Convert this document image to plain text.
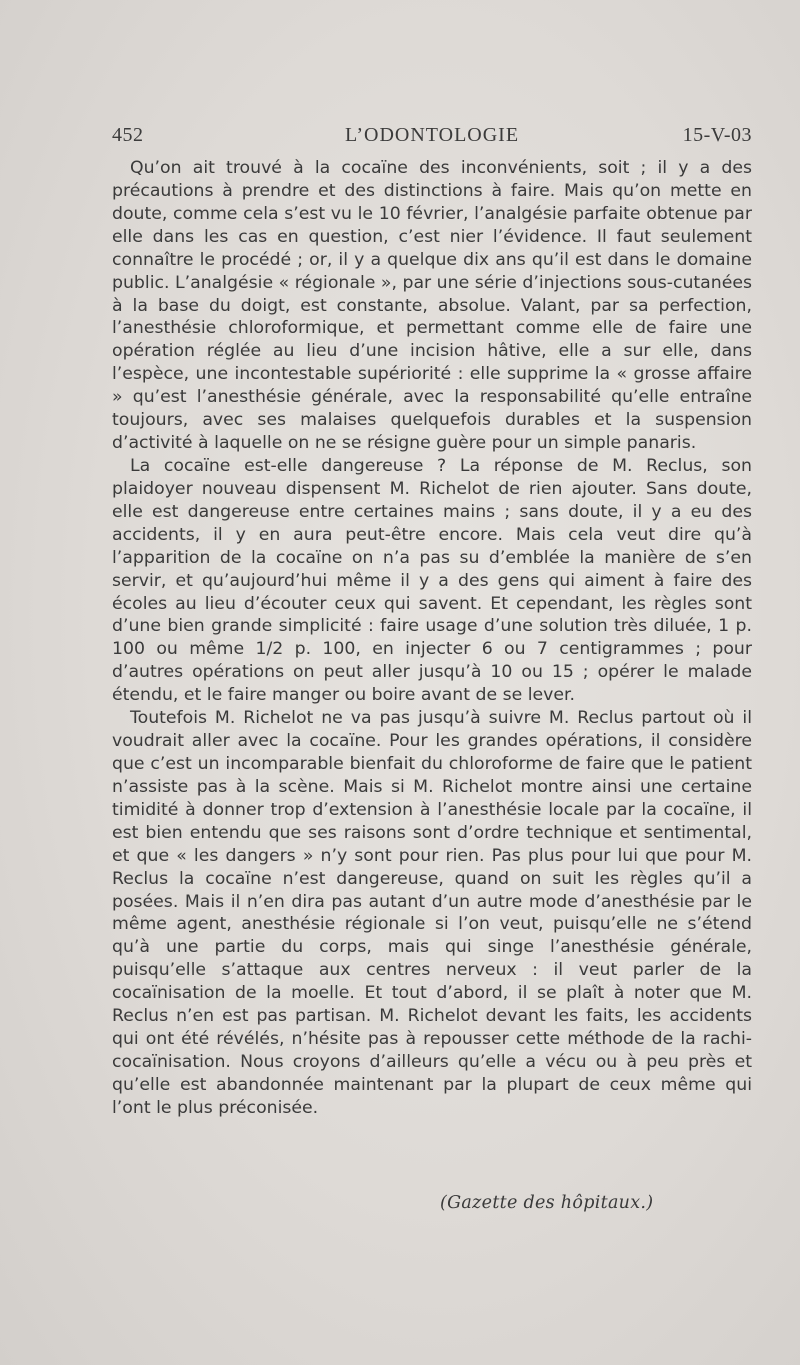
452	L’ODONTOLOGIE	15-V-03

Qu’on ait trouvé à la cocaïne des inconvénients, soit ; il y a des précautions à prendre et des distinctions à faire. Mais qu’on mette en doute, comme cela s’est vu le 10 février, l’analgésie parfaite obtenue par elle dans les cas en question, c’est nier l’évidence. Il faut seulement connaître le procédé ; or, il y a quelque dix ans qu’il est dans le domaine public. L’analgésie « régionale », par une série d’injections sous-cutanées à la base du doigt, est constante, absolue. Valant, par sa perfection, l’anesthésie chloroformique, et permettant comme elle de faire une opération réglée au lieu d’une incision hâtive, elle a sur elle, dans l’espèce, une incontestable supériorité : elle supprime la « grosse affaire » qu’est l’anesthésie générale, avec la responsabilité qu’elle entraîne toujours, avec ses malaises quelquefois durables et la suspension d’activité à laquelle on ne se résigne guère pour un simple panaris.

La cocaïne est-elle dangereuse ? La réponse de M. Reclus, son plaidoyer nouveau dispensent M. Richelot de rien ajouter. Sans doute, elle est dangereuse entre certaines mains ; sans doute, il y a eu des accidents, il y en aura peut-être encore. Mais cela veut dire qu’à l’apparition de la cocaïne on n’a pas su d’emblée la manière de s’en servir, et qu’aujourd’hui même il y a des gens qui aiment à faire des écoles au lieu d’écouter ceux qui savent. Et cependant, les règles sont d’une bien grande simplicité : faire usage d’une solution très diluée, 1 p. 100 ou même 1/2 p. 100, en injecter 6 ou 7 centigrammes ; pour d’autres opérations on peut aller jusqu’à 10 ou 15 ; opérer le malade étendu, et le faire manger ou boire avant de se lever.

Toutefois M. Richelot ne va pas jusqu’à suivre M. Reclus partout où il voudrait aller avec la cocaïne. Pour les grandes opérations, il considère que c’est un incomparable bienfait du chloroforme de faire que le patient n’assiste pas à la scène. Mais si M. Richelot montre ainsi une certaine timidité à donner trop d’extension à l’anesthésie locale par la cocaïne, il est bien entendu que ses raisons sont d’ordre technique et sentimental, et que « les dangers » n’y sont pour rien. Pas plus pour lui que pour M. Reclus la cocaïne n’est dangereuse, quand on suit les règles qu’il a posées. Mais il n’en dira pas autant d’un autre mode d’anesthésie par le même agent, anesthésie régionale si l’on veut, puisqu’elle ne s’étend qu’à une partie du corps, mais qui singe l’anesthésie générale, puisqu’elle s’attaque aux centres nerveux : il veut parler de la cocaïnisation de la moelle. Et tout d’abord, il se plaît à noter que M. Reclus n’en est pas partisan. M. Richelot devant les faits, les accidents qui ont été révélés, n’hésite pas à repousser cette méthode de la rachi-cocaïnisation. Nous croyons d’ailleurs qu’elle a vécu ou à peu près et qu’elle est abandonnée maintenant par la plupart de ceux même qui l’ont le plus préconisée.

(Gazette des hôpitaux.)
